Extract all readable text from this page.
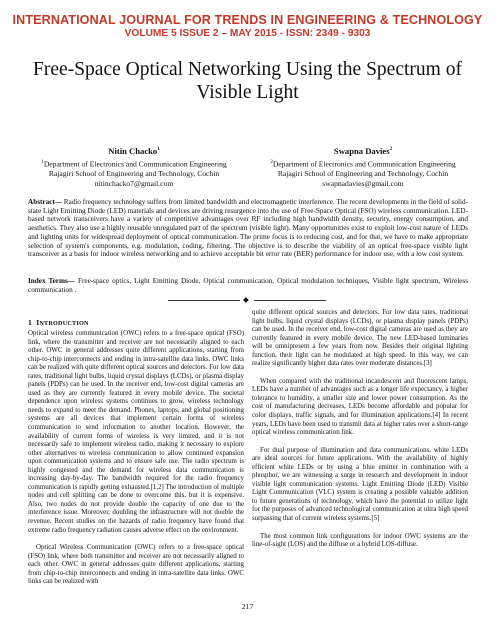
INTERNATIONAL JOURNAL FOR TRENDS IN ENGINEERING & TECHNOLOGY
VOLUME 5 ISSUE 2 – MAY 2015 - ISSN: 2349 - 9303
Free-Space Optical Networking Using the Spectrum of Visible Light
Nitin Chacko$^1$
$^1$Department of Electronics and Communication Engineering
Rajagiri School of Engineering and Technology, Cochin
nitinchacko7@gmail.com
Swapna Davies$^2$
$^2$Department of Electronics and Communication Engineering
Rajagiri School of Engineering and Technology, Cochin
swapnadavies@gmail.com
Abstract— Radio frequency technology suffers from limited bandwidth and electromagnetic interference. The recent developments in the field of solid-state Light Emitting Diode (LED) materials and devices are driving resurgence into the use of Free-Space Optical (FSO) wireless communication. LED-based network transceivers have a variety of competitive advantages over RF including high bandwidth density, security, energy consumption, and aesthetics. They also use a highly reusable unregulated part of the spectrum (visible light). Many opportunities exist to exploit low-cost nature of LEDs and lighting units for widespread deployment of optical communication. The prime focus is to reducing cost, and for that, we have to make appropriate selection of system's components, e.g. modulation, coding, filtering. The objective is to describe the viability of an optical free-space visible light transceiver as a basis for indoor wireless networking and to achieve acceptable bit error rate (BER) performance for indoor use, with a low cost system.
Index Terms— Free-space optics, Light Emitting Diode, Optical communication, Optical modulation techniques, Visible light spectrum, Wireless communication .
◆
1 INTRODUCTION

Optical wireless communication (OWC) refers to a free-space optical (FSO) link, where the transmitter and receiver are not necessarily aligned to each other. OWC in general addresses quite different applications, starting from chip-to-chip interconnects and ending in intra-satellite data links. OWC links can be realized with quite different optical sources and detectors. For low data rates, traditional light bulbs, liquid crystal displays (LCDs), or plasma display panels (PDPs) can be used. In the receiver end, low-cost digital cameras are used as they are currently featured in every mobile device. The societal dependence upon wireless systems continues to grow, wireless technology needs to expand to meet the demand. Phones, laptops, and global positioning systems are all devices that implement certain forms of wireless communication to send information to another location. However, the availability of current forms of wireless is very limited, and it is not necessarily safe to implement wireless radio, making it necessary to explore other alternatives to wireless communication to allow continued expansion upon communication systems and to ensure safe use. The radio spectrum is highly congested and the demand for wireless data communication is increasing day-by-day. The bandwidth required for the radio frequency communication is rapidly getting exhausted.[1,2] The introduction of multiple nodes and cell splitting can be done to overcome this, but it is expensive. Also, two nodes do not provide double the capacity of one due to the interference issue. Moreover, doubling the infrastructure will not double the revenue. Recent studies on the hazards of radio frequency have found that extreme radio frequency radiation causes adverse effect on the environment.

Optical Wireless Communication (OWC) refers to a free-space optical (FSO) link, where both transmitter and receiver are not necessarily aligned to each other. OWC in general addresses quite different applications, starting from chip-to-chip interconnects and ending in intra-satellite data links. OWC links can be realized with

quite different optical sources and detectors. For low data rates, traditional light bulbs, liquid crystal displays (LCDs), or plasma display panels (PDPs) can be used. In the receiver end, low-cost digital cameras are used as they are currently featured in every mobile device. The new LED-based luminaries will be omnipresent a few years from now. Besides their original lighting function, their light can be modulated at high speed. In this way, we can realize significantly higher data rates over moderate distances.[3]

When compared with the traditional incandescent and fluorescent lamps, LEDs have a number of advantages such as a longer life expectancy, a higher tolerance to humidity, a smaller size and lower power consumption. As the cost of manufacturing decreases, LEDs become affordable and popular for color displays, traffic signals, and for illumination applications.[4] In recent years, LEDs have been used to transmit data at higher rates over a short-range optical wireless communication link.

For dual purpose of illumination and data communications, white LEDs are ideal sources for future applications. With the availability of highly efficient white LEDs or by using a blue emitter in combination with a phosphor, we are witnessing a surge in research and development in indoor visible light communication systems. Light Emitting Diode (LED) Visible Light Communication (VLC) system is creating a possible valuable addition to future generations of technology, which have the potential to utilize light for the purposes of advanced technological communication at ultra high speed surpassing that of current wireless systems.[5]

The most common link configurations for indoor OWC systems are the line-of-sight (LOS) and the diffuse or a hybrid LOS-diffuse.

217
